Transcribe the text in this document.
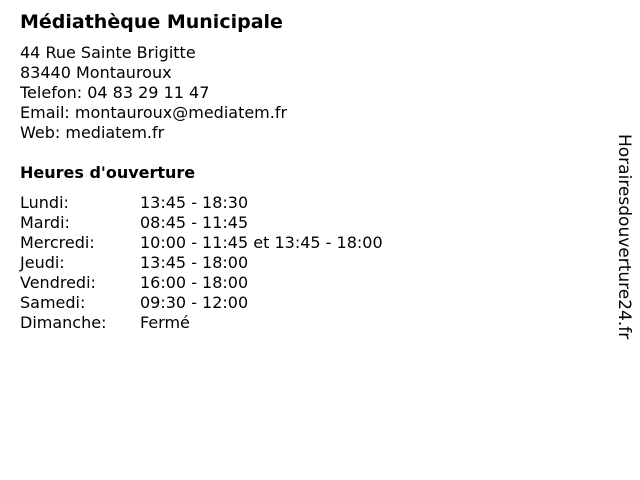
Médiathèque Municipale
44 Rue Sainte Brigitte
83440 Montauroux
Telefon: 04 83 29 11 47
Email: montauroux@mediatem.fr
Web: mediatem.fr
Heures d'ouverture
Lundi:	13:45 - 18:30
Mardi:	08:45 - 11:45
Mercredi:	10:00 - 11:45 et 13:45 - 18:00
Jeudi:	13:45 - 18:00
Vendredi:	16:00 - 18:00
Samedi:	09:30 - 12:00
Dimanche:	Fermé	Horairesdouverture24.fr
